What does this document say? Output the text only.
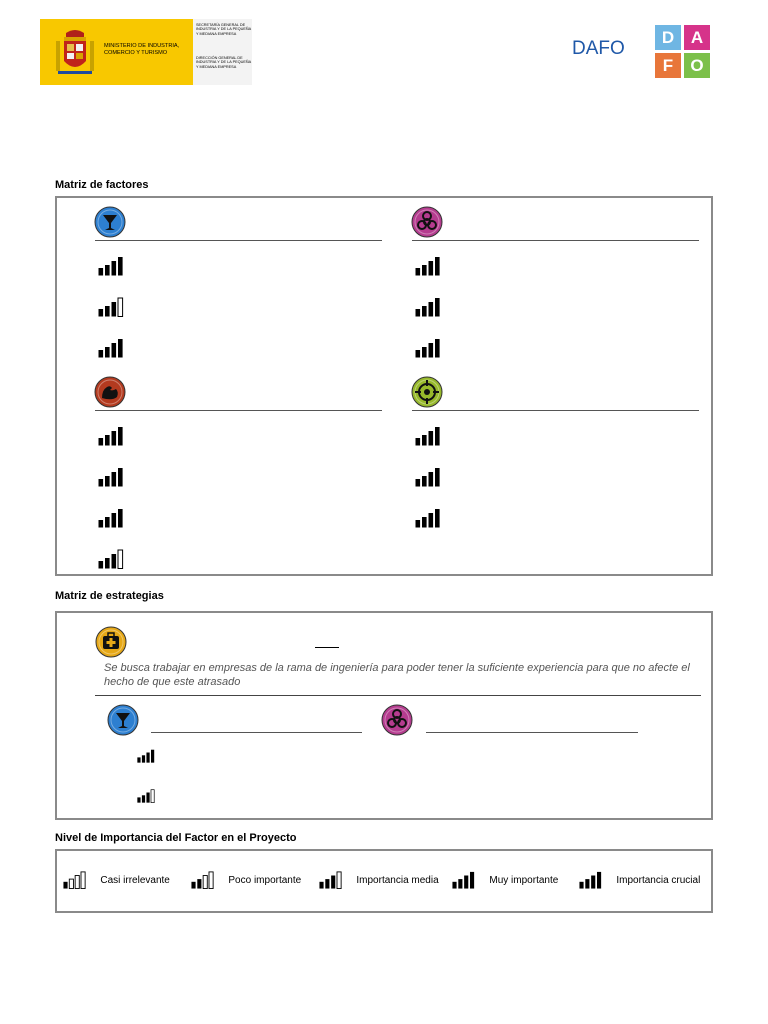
MINISTERIO DE INDUSTRIA, COMERCIO Y TURISMO
SECRETARÍA GENERAL DE INDUSTRIA Y DE LA PEQUEÑA Y MEDIANA EMPRESA
DIRECCIÓN GENERAL DE INDUSTRIA Y DE LA PEQUEÑA Y MEDIANA EMPRESA
DAFO
D A
F O
Matriz de factores
Matriz de estrategias
Se busca trabajar en empresas de la rama de ingeniería para poder tener la suficiente experiencia para que no afecte el hecho de que este atrasado
Nivel de Importancia del Factor en el Proyecto
Casi irrelevante	Poco importante	Importancia media	Muy importante	Importancia crucial
